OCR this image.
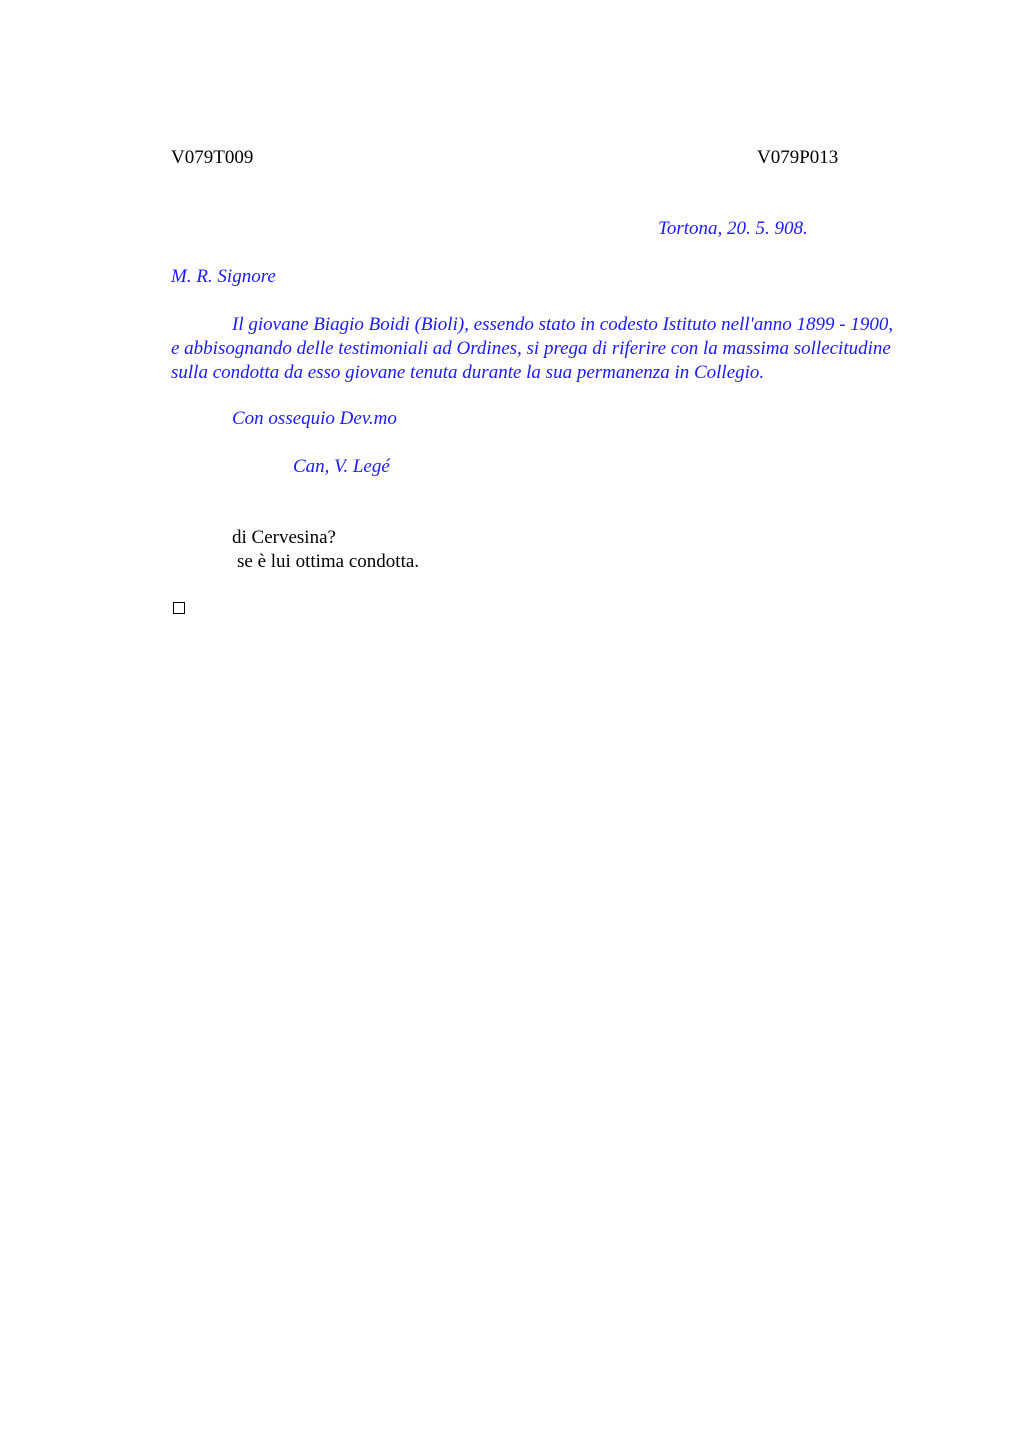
V079T009	V079P013
Tortona, 20. 5. 908.
M. R. Signore

Il giovane Biagio Boidi (Bioli), essendo stato in codesto Istituto nell'anno 1899 - 1900, e abbisognando delle testimoniali ad Ordines, si prega di riferire con la massima sollecitudine sulla condotta da esso giovane tenuta durante la sua permanenza in Collegio.

Con ossequio Dev.mo
Can, V. Legé
di Cervesina?
se è lui ottima condotta.
